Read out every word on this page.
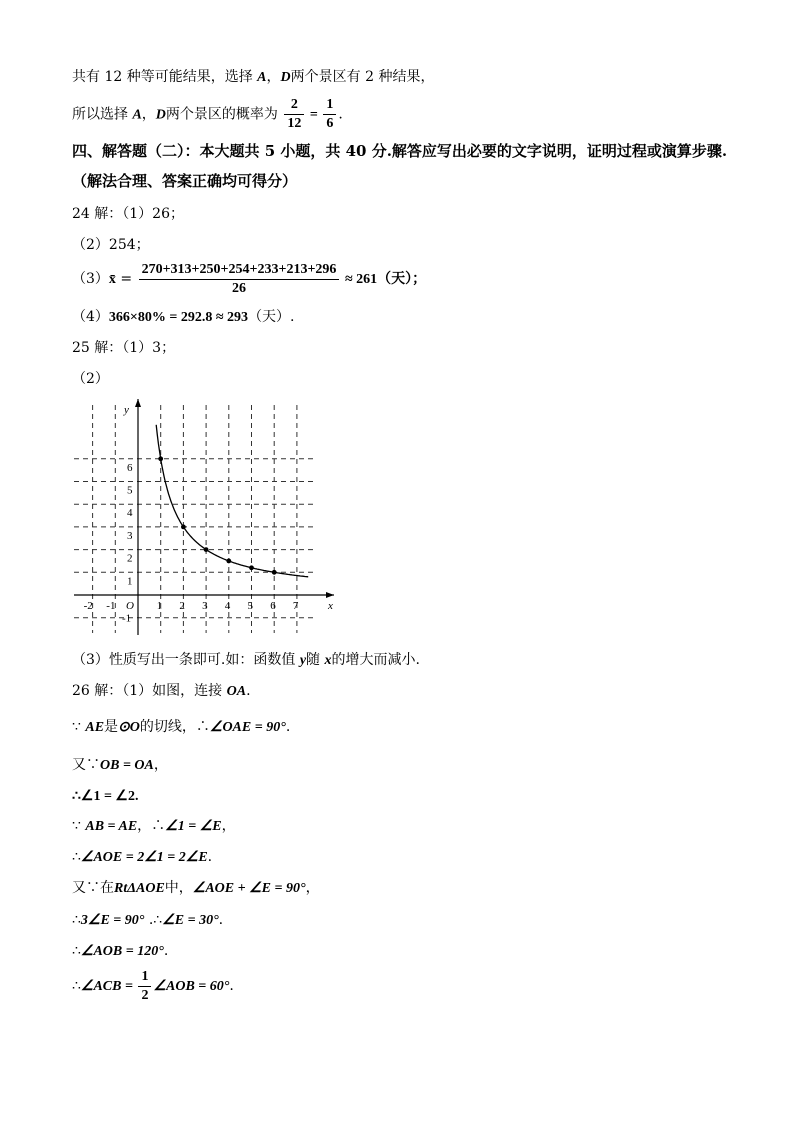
共有 12 种等可能结果，选择 A，D两个景区有 2 种结果，
所以选择 A，D两个景区的概率为 $\frac{2}{12} = \frac{1}{6}$ .
四、解答题（二）：本大题共 5 小题，共 40 分.解答应写出必要的文字说明，证明过程或演算步骤.（解法合理、答案正确均可得分）
24 解：（1）26；
（2）254；
（3）x̄ = $\frac{270+313+250+254+233+213+296}{26} \approx 261$（天）；
（4）366×80% = 292.8 ≈ 293（天）.
25 解：（1）3；
（2）
x
y
O
-2 -1	1 2 3 4 5 6 7
1
2
3
4
5
6
-1
（3）性质写出一条即可.如：函数值 y随 x的增大而减小.
26 解：（1）如图，连接 OA.
∵ AE是⊙O的切线，∴∠OAE = 90°.
又∵OB = OA，
∴∠1 = ∠2.
∵ AB = AE，∴∠1 = ∠E，
∴∠AOE = 2∠1 = 2∠E.
又∵在RtΔAOE中，∠AOE + ∠E = 90°，
∴3∠E = 90° .∴∠E = 30°.
∴∠AOB = 120°.
∴∠ACB = $\frac{1}{2}$ ∠AOB = 60°.
